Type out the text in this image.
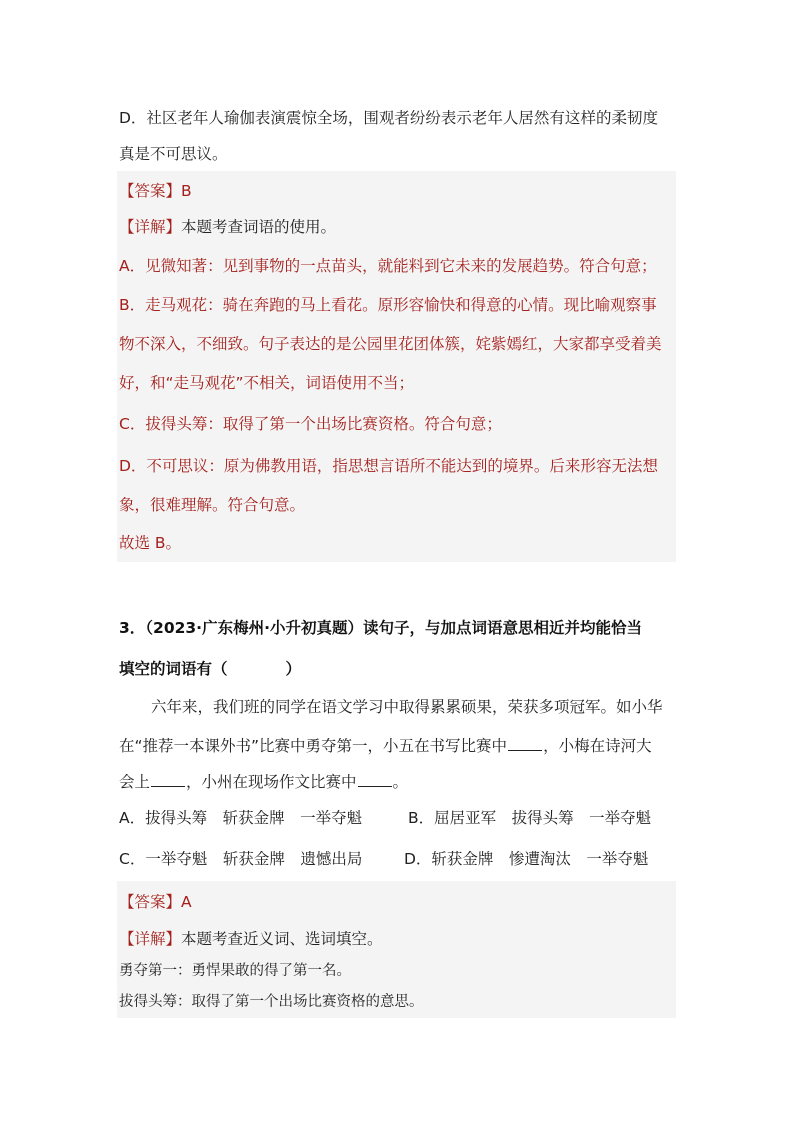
D．社区老年人瑜伽表演震惊全场，围观者纷纷表示老年人居然有这样的柔韧度
真是不可思议。
【答案】B
【详解】本题考查词语的使用。
A．见微知著：见到事物的一点苗头，就能料到它未来的发展趋势。符合句意；
B．走马观花：骑在奔跑的马上看花。原形容愉快和得意的心情。现比喻观察事
物不深入，不细致。句子表达的是公园里花团体簇，姹紫嫣红，大家都享受着美
好，和“走马观花”不相关，词语使用不当；
C．拔得头筹：取得了第一个出场比赛资格。符合句意；
D．不可思议：原为佛教用语，指思想言语所不能达到的境界。后来形容无法想
象，很难理解。符合句意。
故选 B。
3．（2023·广东梅州·小升初真题）读句子，与加点词语意思相近并均能恰当
填空的词语有（	）
六年来，我们班的同学在语文学习中取得累累硕果，荣获多项冠军。如小华
在“推荐一本课外书”比赛中勇夺第一，小五在书写比赛中 ，小梅在诗河大
会上 ，小州在现场作文比赛中 。
A．拔得头筹　斩获金牌　一举夺魁	B．屈居亚军　拔得头筹　一举夺魁
C．一举夺魁　斩获金牌　遗憾出局	D．斩获金牌　惨遭淘汰　一举夺魁
【答案】A
【详解】本题考查近义词、选词填空。
勇夺第一：勇悍果敢的得了第一名。
拔得头筹：取得了第一个出场比赛资格的意思。
